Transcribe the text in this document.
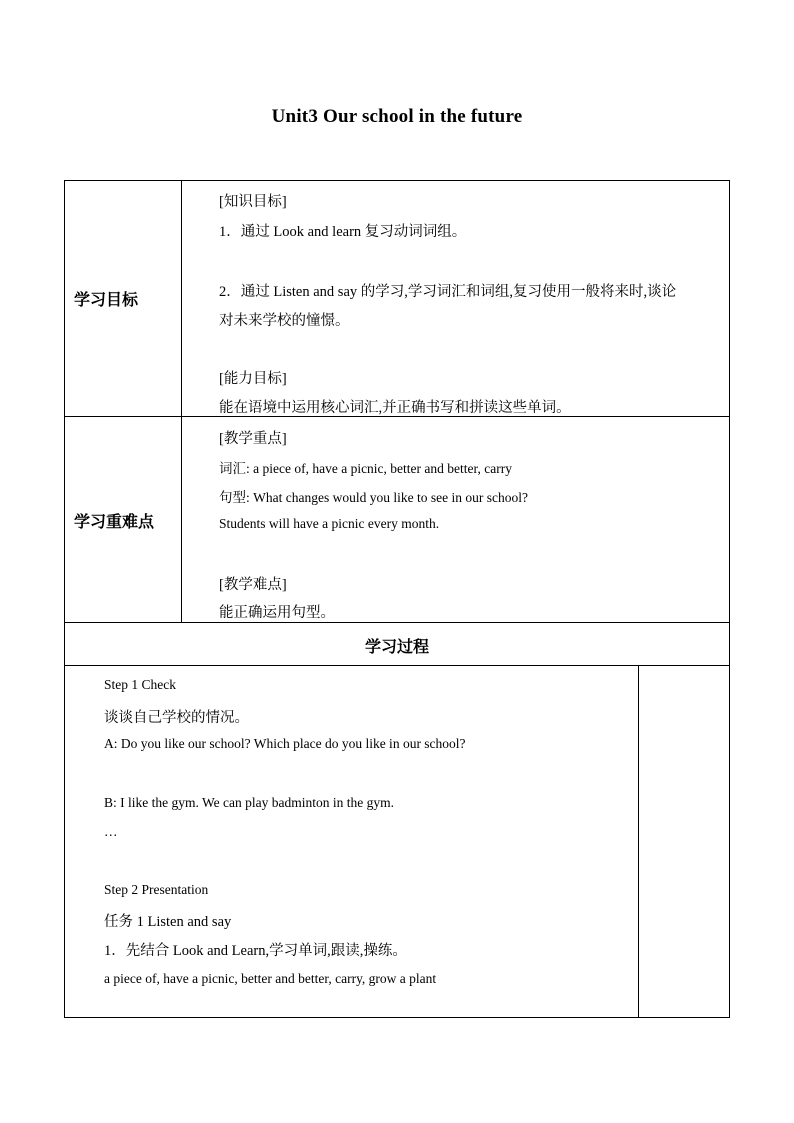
Unit3 Our school in the future
学习目标
[知识目标]
1．通过 Look and learn 复习动词词组。
2．通过 Listen and say 的学习,学习词汇和词组,复习使用一般将来时,谈论
对未来学校的憧憬。
[能力目标]
能在语境中运用核心词汇,并正确书写和拼读这些单词。
学习重难点
[教学重点]
词汇: a piece of, have a picnic, better and better, carry
句型: What changes would you like to see in our school?
Students will have a picnic every month.
[教学难点]
能正确运用句型。
学习过程
Step 1 Check
谈谈自己学校的情况。
A: Do you like our school? Which place do you like in our school?
B: I like the gym. We can play badminton in the gym.
…
Step 2 Presentation
任务 1 Listen and say
1．先结合 Look and Learn,学习单词,跟读,操练。
a piece of, have a picnic, better and better, carry, grow a plant
